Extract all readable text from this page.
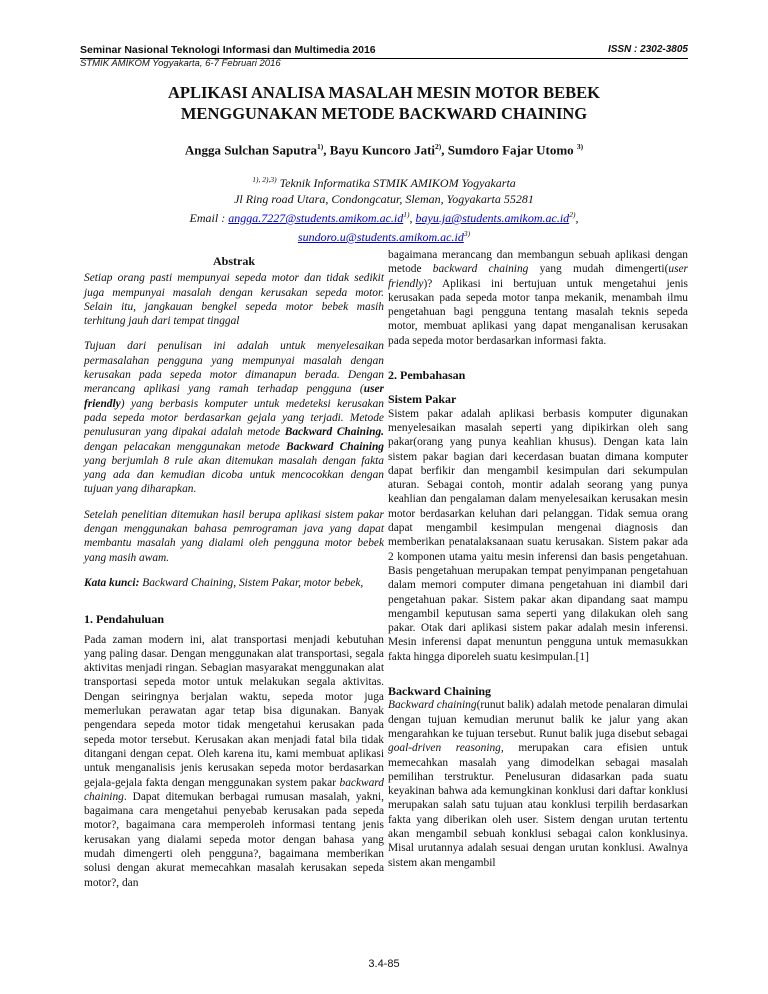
Seminar Nasional Teknologi Informasi dan Multimedia 2016
STMIK AMIKOM Yogyakarta, 6-7 Februari 2016
ISSN : 2302-3805
APLIKASI ANALISA MASALAH MESIN MOTOR BEBEK
MENGGUNAKAN METODE BACKWARD CHAINING
Angga Sulchan Saputra$^{1)}$, Bayu Kuncoro Jati$^{2)}$, Sumdoro Fajar Utomo $^{3)}$
$^{1), 2),3)}$ Teknik Informatika STMIK AMIKOM Yogyakarta
Jl Ring road Utara, Condongcatur, Sleman, Yogyakarta 55281
Email : $angga.7227@students.amikom.ac.id^{1)}$, $bayu.ja@students.amikom.ac.id^{2)}$,
$sundoro.u@students.amikom.ac.id^{3)}$
Abstrak

Setiap orang pasti mempunyai sepeda motor dan tidak sedikit juga mempunyai masalah dengan kerusakan sepeda motor. Selain itu, jangkauan bengkel sepeda motor bebek masih terhitung jauh dari tempat tinggal

Tujuan dari penulisan ini adalah untuk menyelesaikan permasalahan pengguna yang mempunyai masalah dengan kerusakan pada sepeda motor dimanapun berada. Dengan merancang aplikasi yang ramah terhadap pengguna (user friendly) yang berbasis komputer untuk medeteksi kerusakan pada sepeda motor berdasarkan gejala yang terjadi. Metode penulusuran yang dipakai adalah metode Backward Chaining. dengan pelacakan menggunakan metode Backward Chaining yang berjumlah 8 rule akan ditemukan masalah dengan fakta yang ada dan kemudian dicoba untuk mencocokkan dengan tujuan yang diharapkan.

Setelah penelitian ditemukan hasil berupa aplikasi sistem pakar dengan menggunakan bahasa pemrograman java yang dapat membantu masalah yang dialami oleh pengguna motor bebek yang masih awam.

Kata kunci: Backward Chaining, Sistem Pakar, motor bebek,

1. Pendahuluan

Pada zaman modern ini, alat transportasi menjadi kebutuhan yang paling dasar. Dengan menggunakan alat transportasi, segala aktivitas menjadi ringan. Sebagian masyarakat menggunakan alat transportasi sepeda motor untuk melakukan segala aktivitas. Dengan seiringnya berjalan waktu, sepeda motor juga memerlukan perawatan agar tetap bisa digunakan. Banyak pengendara sepeda motor tidak mengetahui kerusakan pada sepeda motor tersebut. Kerusakan akan menjadi fatal bila tidak ditangani dengan cepat. Oleh karena itu, kami membuat aplikasi untuk menganalisis jenis kerusakan sepeda motor berdasarkan gejala-gejala fakta dengan menggunakan system pakar backward chaining. Dapat ditemukan berbagai rumusan masalah, yakni, bagaimana cara mengetahui penyebab kerusakan pada sepeda motor?, bagaimana cara memperoleh informasi tentang jenis kerusakan yang dialami sepeda motor dengan bahasa yang mudah dimengerti oleh pengguna?, bagaimana memberikan solusi dengan akurat memecahkan masalah kerusakan sepeda motor?, dan

bagaimana merancang dan membangun sebuah aplikasi dengan metode backward chaining yang mudah dimengerti(user friendly)? Aplikasi ini bertujuan untuk mengetahui jenis kerusakan pada sepeda motor tanpa mekanik, menambah ilmu pengetahuan bagi pengguna tentang masalah teknis sepeda motor, membuat aplikasi yang dapat menganalisan kerusakan pada sepeda motor berdasarkan informasi fakta.

2. Pembahasan
Sistem Pakar

Sistem pakar adalah aplikasi berbasis komputer digunakan menyelesaikan masalah seperti yang dipikirkan oleh sang pakar(orang yang punya keahlian khusus). Dengan kata lain sistem pakar bagian dari kecerdasan buatan dimana komputer dapat berfikir dan mengambil kesimpulan dari sekumpulan aturan. Sebagai contoh, montir adalah seorang yang punya keahlian dan pengalaman dalam menyelesaikan kerusakan mesin motor berdasarkan keluhan dari pelanggan. Tidak semua orang dapat mengambil kesimpulan mengenai diagnosis dan memberikan penatalaksanaan suatu kerusakan. Sistem pakar ada 2 komponen utama yaitu mesin inferensi dan basis pengetahuan. Basis pengetahuan merupakan tempat penyimpanan pengetahuan dalam memori computer dimana pengetahuan ini diambil dari pengetahuan pakar. Sistem pakar akan dipandang saat mampu mengambil keputusan sama seperti yang dilakukan oleh sang pakar. Otak dari aplikasi sistem pakar adalah mesin inferensi. Mesin inferensi dapat menuntun pengguna untuk memasukkan fakta hingga diporeleh suatu kesimpulan.[1]

Backward Chaining

Backward chaining(runut balik) adalah metode penalaran dimulai dengan tujuan kemudian merunut balik ke jalur yang akan mengarahkan ke tujuan tersebut. Runut balik juga disebut sebagai goal-driven reasoning, merupakan cara efisien untuk memecahkan masalah yang dimodelkan sebagai masalah pemilihan terstruktur. Penelusuran didasarkan pada suatu keyakinan bahwa ada kemungkinan konklusi dari daftar konklusi merupakan salah satu tujuan atau konklusi terpilih berdasarkan fakta yang diberikan oleh user. Sistem dengan urutan tertentu akan mengambil sebuah konklusi sebagai calon konklusinya. Misal urutannya adalah sesuai dengan urutan konklusi. Awalnya sistem akan mengambil

3.4-85
